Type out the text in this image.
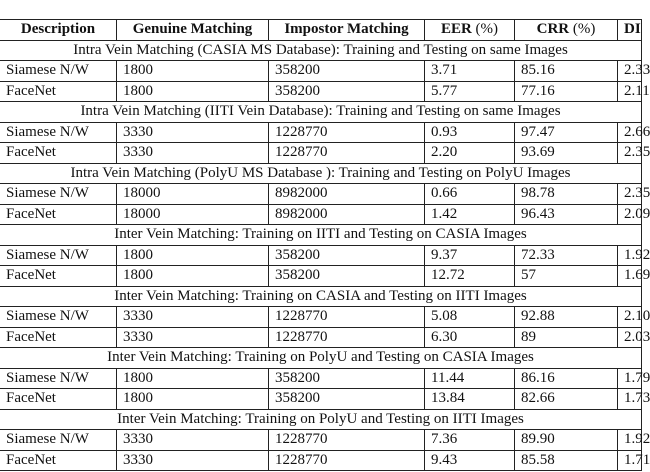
Description	Genuine Matching	Impostor Matching	EER (%)	CRR (%)	DI
Intra Vein Matching (CASIA MS Database): Training and Testing on same Images					
Siamese N/W	1800	358200	3.71	85.16	2.33
FaceNet	1800	358200	5.77	77.16	2.11
Intra Vein Matching (IITI Vein Database): Training and Testing on same Images					
Siamese N/W	3330	1228770	0.93	97.47	2.66
FaceNet	3330	1228770	2.20	93.69	2.35
Intra Vein Matching (PolyU MS Database ): Training and Testing on PolyU Images					
Siamese N/W	18000	8982000	0.66	98.78	2.35
FaceNet	18000	8982000	1.42	96.43	2.09
Inter Vein Matching: Training on IITI and Testing on CASIA Images					
Siamese N/W	1800	358200	9.37	72.33	1.92
FaceNet	1800	358200	12.72	57	1.69
Inter Vein Matching: Training on CASIA and Testing on IITI Images					
Siamese N/W	3330	1228770	5.08	92.88	2.10
FaceNet	3330	1228770	6.30	89	2.03
Inter Vein Matching: Training on PolyU and Testing on CASIA Images					
Siamese N/W	1800	358200	11.44	86.16	1.79
FaceNet	1800	358200	13.84	82.66	1.73
Inter Vein Matching: Training on PolyU and Testing on IITI Images					
Siamese N/W	3330	1228770	7.36	89.90	1.92
FaceNet	3330	1228770	9.43	85.58	1.71
